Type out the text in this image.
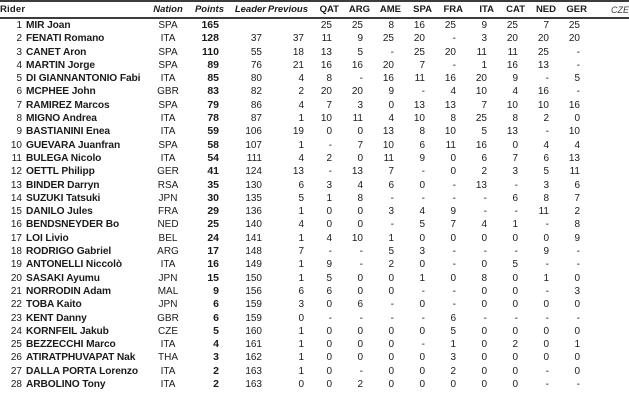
Rider		Nation	Points	Leader	Previous	QAT	ARG	AME	SPA	FRA	ITA	CAT	NED	GER	CZE
1	MIR Joan	SPA	165			25	25	8	16	25	9	25	7	25	
2	FENATI Romano	ITA	128	37	37	11	9	25	20	-	3	20	20	20	
3	CANET Aron	SPA	110	55	18	13	5	-	25	20	11	11	25	-	
4	MARTIN Jorge	SPA	89	76	21	16	16	20	7	-	1	16	13	-	
5	DI GIANNANTONIO Fabi	ITA	85	80	4	8	-	16	11	16	20	9	-	5	
6	MCPHEE John	GBR	83	82	2	20	20	9	-	4	10	4	16	-	
7	RAMIREZ Marcos	SPA	79	86	4	7	3	0	13	13	7	10	10	16	
8	MIGNO Andrea	ITA	78	87	1	10	11	4	10	8	25	8	2	0	
9	BASTIANINI Enea	ITA	59	106	19	0	0	13	8	10	5	13	-	10	
10	GUEVARA Juanfran	SPA	58	107	1	-	7	10	6	11	16	0	4	4	
11	BULEGA Nicolo	ITA	54	111	4	2	0	11	9	0	6	7	6	13	
12	OETTL Philipp	GER	41	124	13	-	13	7	-	0	2	3	5	11	
13	BINDER Darryn	RSA	35	130	6	3	4	6	0	-	13	-	3	6	
14	SUZUKI Tatsuki	JPN	30	135	5	1	8	-	-	-	-	6	8	7	
15	DANILO Jules	FRA	29	136	1	0	0	3	4	9	-	-	11	2	
16	BENDSNEYDER Bo	NED	25	140	4	0	0	-	5	7	4	1	-	8	
17	LOI Livio	BEL	24	141	1	4	10	1	0	0	0	0	0	9	
18	RODRIGO Gabriel	ARG	17	148	7	-	-	5	3	-	-	-	9	-	
19	ANTONELLI Niccolò	ITA	16	149	1	9	-	2	0	-	0	5	-	-	
20	SASAKI Ayumu	JPN	15	150	1	5	0	0	1	0	8	0	1	0	
21	NORRODIN Adam	MAL	9	156	6	6	0	0	-	-	0	0	-	3	
22	TOBA Kaito	JPN	6	159	3	0	6	-	0	-	0	0	0	0	
23	KENT Danny	GBR	6	159	0	-	-	-	-	6	-	-	-	-	
24	KORNFEIL Jakub	CZE	5	160	1	0	0	0	0	5	0	0	0	0	
25	BEZZECCHI Marco	ITA	4	161	1	0	0	0	-	1	0	2	0	1	
26	ATIRATPHUVAPAT Nak	THA	3	162	1	0	0	0	0	3	0	0	0	0	
27	DALLA PORTA Lorenzo	ITA	2	163	1	0	-	0	0	2	0	0	-	0	
28	ARBOLINO Tony	ITA	2	163	0	0	2	0	0	0	0	0	-	-	
